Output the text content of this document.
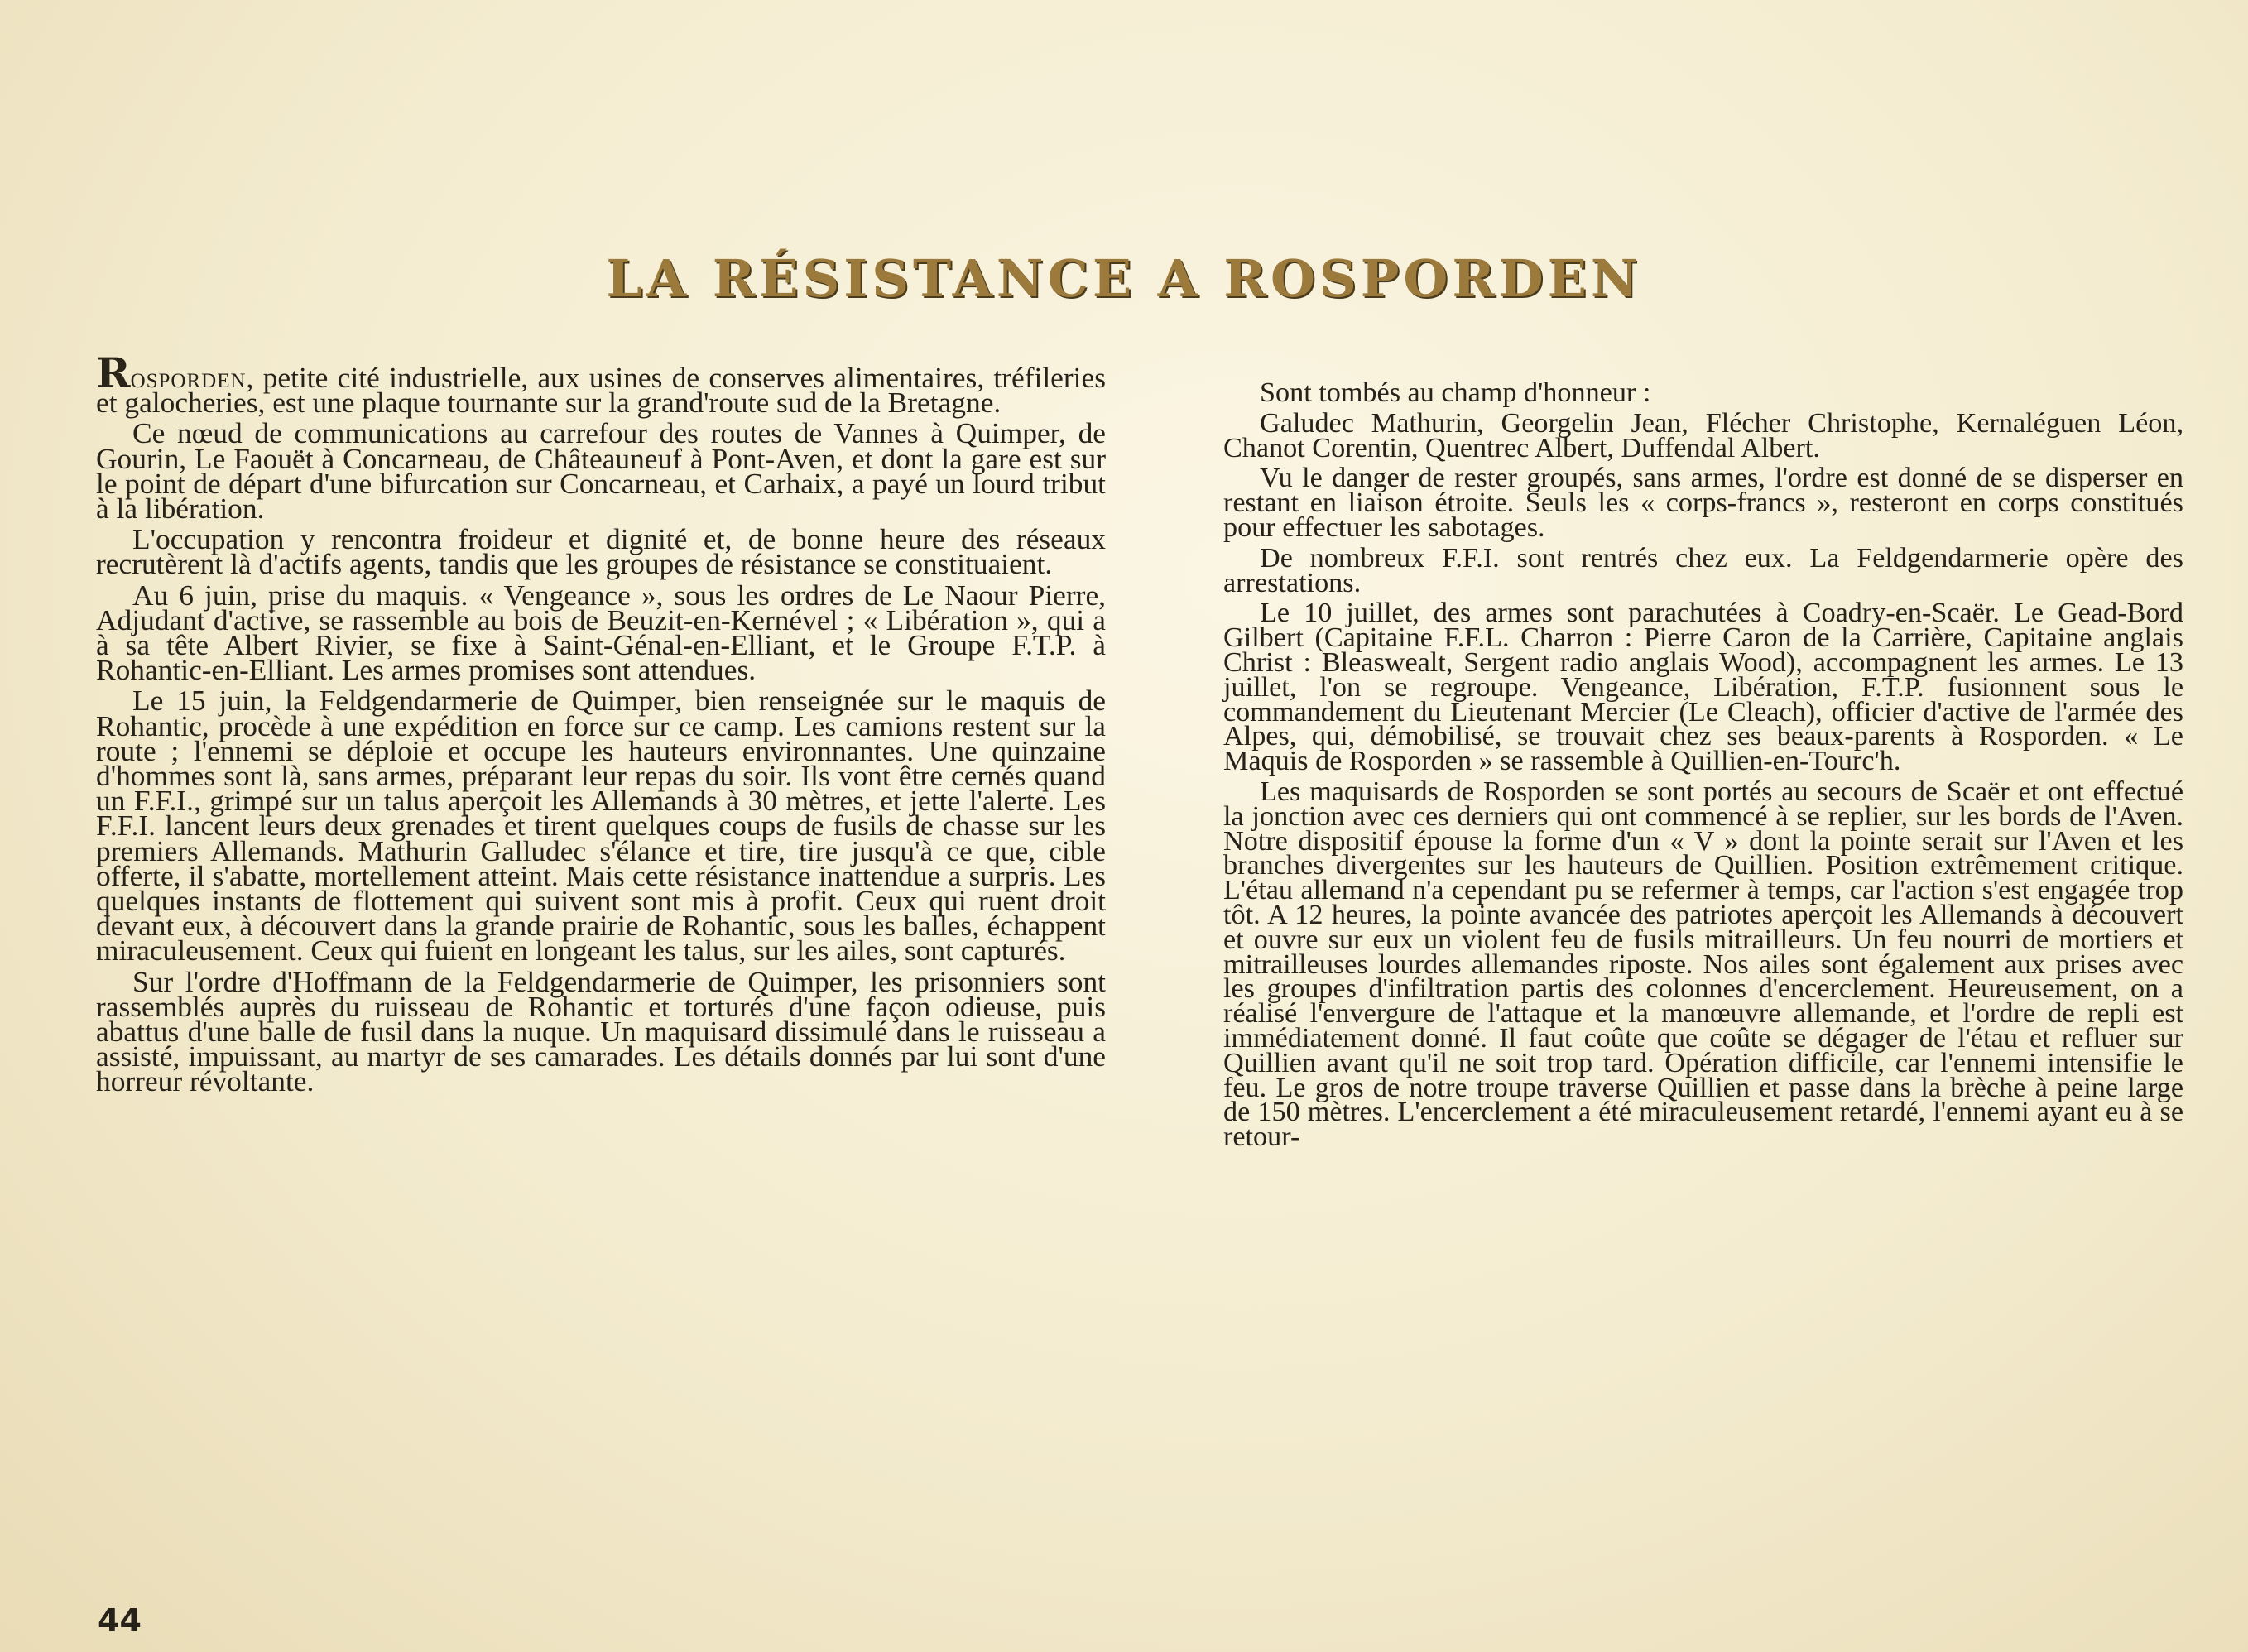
LA RÉSISTANCE A ROSPORDEN

Rosporden, petite cité industrielle, aux usines de conserves alimentaires, tréfileries et galocheries, est une plaque tournante sur la grand'route sud de la Bretagne.

Ce nœud de communications au carrefour des routes de Vannes à Quimper, de Gourin, Le Faouët à Concarneau, de Châteauneuf à Pont-Aven, et dont la gare est sur le point de départ d'une bifurcation sur Concarneau, et Carhaix, a payé un lourd tribut à la libération.

L'occupation y rencontra froideur et dignité et, de bonne heure des réseaux recrutèrent là d'actifs agents, tandis que les groupes de résistance se constituaient.

Au 6 juin, prise du maquis. « Vengeance », sous les ordres de Le Naour Pierre, Adjudant d'active, se rassemble au bois de Beuzit-en-Kernével ; « Libération », qui a à sa tête Albert Rivier, se fixe à Saint-Génal-en-Elliant, et le Groupe F.T.P. à Rohantic-en-Elliant. Les armes promises sont attendues.

Le 15 juin, la Feldgendarmerie de Quimper, bien renseignée sur le maquis de Rohantic, procède à une expédition en force sur ce camp. Les camions restent sur la route ; l'ennemi se déploie et occupe les hauteurs environnantes. Une quinzaine d'hommes sont là, sans armes, préparant leur repas du soir. Ils vont être cernés quand un F.F.I., grimpé sur un talus aperçoit les Allemands à 30 mètres, et jette l'alerte. Les F.F.I. lancent leurs deux grenades et tirent quelques coups de fusils de chasse sur les premiers Allemands. Mathurin Galludec s'élance et tire, tire jusqu'à ce que, cible offerte, il s'abatte, mortellement atteint. Mais cette résistance inattendue a surpris. Les quelques instants de flottement qui suivent sont mis à profit. Ceux qui ruent droit devant eux, à découvert dans la grande prairie de Rohantic, sous les balles, échappent miraculeusement. Ceux qui fuient en longeant les talus, sur les ailes, sont capturés.

Sur l'ordre d'Hoffmann de la Feldgendarmerie de Quimper, les prisonniers sont rassemblés auprès du ruisseau de Rohantic et torturés d'une façon odieuse, puis abattus d'une balle de fusil dans la nuque. Un maquisard dissimulé dans le ruisseau a assisté, impuissant, au martyr de ses camarades. Les détails donnés par lui sont d'une horreur révoltante.

Sont tombés au champ d'honneur :

Galudec Mathurin, Georgelin Jean, Flécher Christophe, Kernaléguen Léon, Chanot Corentin, Quentrec Albert, Duffendal Albert.

Vu le danger de rester groupés, sans armes, l'ordre est donné de se disperser en restant en liaison étroite. Seuls les « corps-francs », resteront en corps constitués pour effectuer les sabotages.

De nombreux F.F.I. sont rentrés chez eux. La Feldgendarmerie opère des arrestations.

Le 10 juillet, des armes sont parachutées à Coadry-en-Scaër. Le Gead-Bord Gilbert (Capitaine F.F.L. Charron : Pierre Caron de la Carrière, Capitaine anglais Christ : Bleaswealt, Sergent radio anglais Wood), accompagnent les armes. Le 13 juillet, l'on se regroupe. Vengeance, Libération, F.T.P. fusionnent sous le commandement du Lieutenant Mercier (Le Cleach), officier d'active de l'armée des Alpes, qui, démobilisé, se trouvait chez ses beaux-parents à Rosporden. « Le Maquis de Rosporden » se rassemble à Quillien-en-Tourc'h.

Les maquisards de Rosporden se sont portés au secours de Scaër et ont effectué la jonction avec ces derniers qui ont commencé à se replier, sur les bords de l'Aven. Notre dispositif épouse la forme d'un « V » dont la pointe serait sur l'Aven et les branches divergentes sur les hauteurs de Quillien. Position extrêmement critique. L'étau allemand n'a cependant pu se refermer à temps, car l'action s'est engagée trop tôt. A 12 heures, la pointe avancée des patriotes aperçoit les Allemands à découvert et ouvre sur eux un violent feu de fusils mitrailleurs. Un feu nourri de mortiers et mitrailleuses lourdes allemandes riposte. Nos ailes sont également aux prises avec les groupes d'infiltration partis des colonnes d'encerclement. Heureusement, on a réalisé l'envergure de l'attaque et la manœuvre allemande, et l'ordre de repli est immédiatement donné. Il faut coûte que coûte se dégager de l'étau et refluer sur Quillien avant qu'il ne soit trop tard. Opération difficile, car l'ennemi intensifie le feu. Le gros de notre troupe traverse Quillien et passe dans la brèche à peine large de 150 mètres. L'encerclement a été miraculeusement retardé, l'ennemi ayant eu à se retour-

44
